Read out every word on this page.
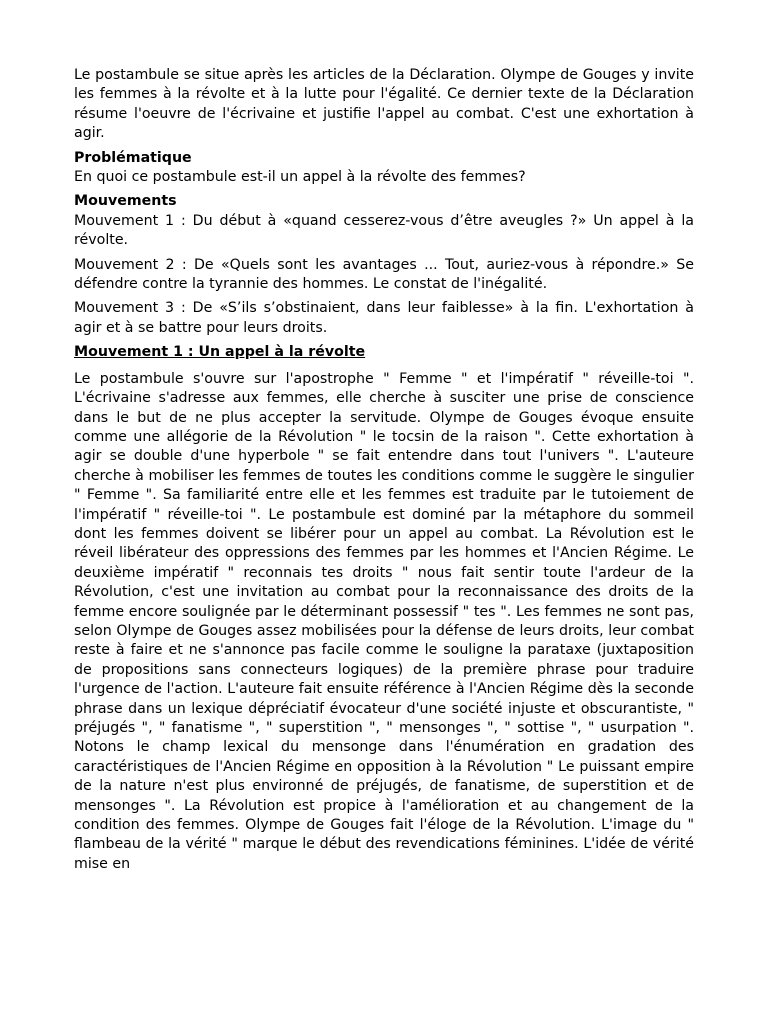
Le postambule se situe après les articles de la Déclaration. Olympe de Gouges y invite les femmes à la révolte et à la lutte pour l'égalité. Ce dernier texte de la Déclaration résume l'oeuvre de l'écrivaine et justifie l'appel au combat. C'est une exhortation à agir.

Problématique

En quoi ce postambule est-il un appel à la révolte des femmes?

Mouvements

Mouvement 1 : Du début à «quand cesserez-vous d’être aveugles ?» Un appel à la révolte.

Mouvement 2 : De «Quels sont les avantages ... Tout, auriez-vous à répondre.» Se défendre contre la tyrannie des hommes. Le constat de l'inégalité.

Mouvement 3 : De «S’ils s’obstinaient, dans leur faiblesse» à la fin. L'exhortation à agir et à se battre pour leurs droits.

Mouvement 1 : Un appel à la révolte

Le postambule s'ouvre sur l'apostrophe " Femme " et l'impératif " réveille-toi ". L'écrivaine s'adresse aux femmes, elle cherche à susciter une prise de conscience dans le but de ne plus accepter la servitude. Olympe de Gouges évoque ensuite comme une allégorie de la Révolution " le tocsin de la raison ". Cette exhortation à agir se double d'une hyperbole " se fait entendre dans tout l'univers ". L'auteure cherche à mobiliser les femmes de toutes les conditions comme le suggère le singulier " Femme ". Sa familiarité entre elle et les femmes est traduite par le tutoiement de l'impératif " réveille-toi ". Le postambule est dominé par la métaphore du sommeil dont les femmes doivent se libérer pour un appel au combat. La Révolution est le réveil libérateur des oppressions des femmes par les hommes et l'Ancien Régime. Le deuxième impératif " reconnais tes droits " nous fait sentir toute l'ardeur de la Révolution, c'est une invitation au combat pour la reconnaissance des droits de la femme encore soulignée par le déterminant possessif " tes ". Les femmes ne sont pas, selon Olympe de Gouges assez mobilisées pour la défense de leurs droits, leur combat reste à faire et ne s'annonce pas facile comme le souligne la parataxe (juxtaposition de propositions sans connecteurs logiques) de la première phrase pour traduire l'urgence de l'action. L'auteure fait ensuite référence à l'Ancien Régime dès la seconde phrase dans un lexique dépréciatif évocateur d'une société injuste et obscurantiste, " préjugés ", " fanatisme ", " superstition ", " mensonges ", " sottise ", " usurpation ". Notons le champ lexical du mensonge dans l'énumération en gradation des caractéristiques de l'Ancien Régime en opposition à la Révolution " Le puissant empire de la nature n'est plus environné de préjugés, de fanatisme, de superstition et de mensonges ". La Révolution est propice à l'amélioration et au changement de la condition des femmes. Olympe de Gouges fait l'éloge de la Révolution. L'image du " flambeau de la vérité " marque le début des revendications féminines. L'idée de vérité mise en
